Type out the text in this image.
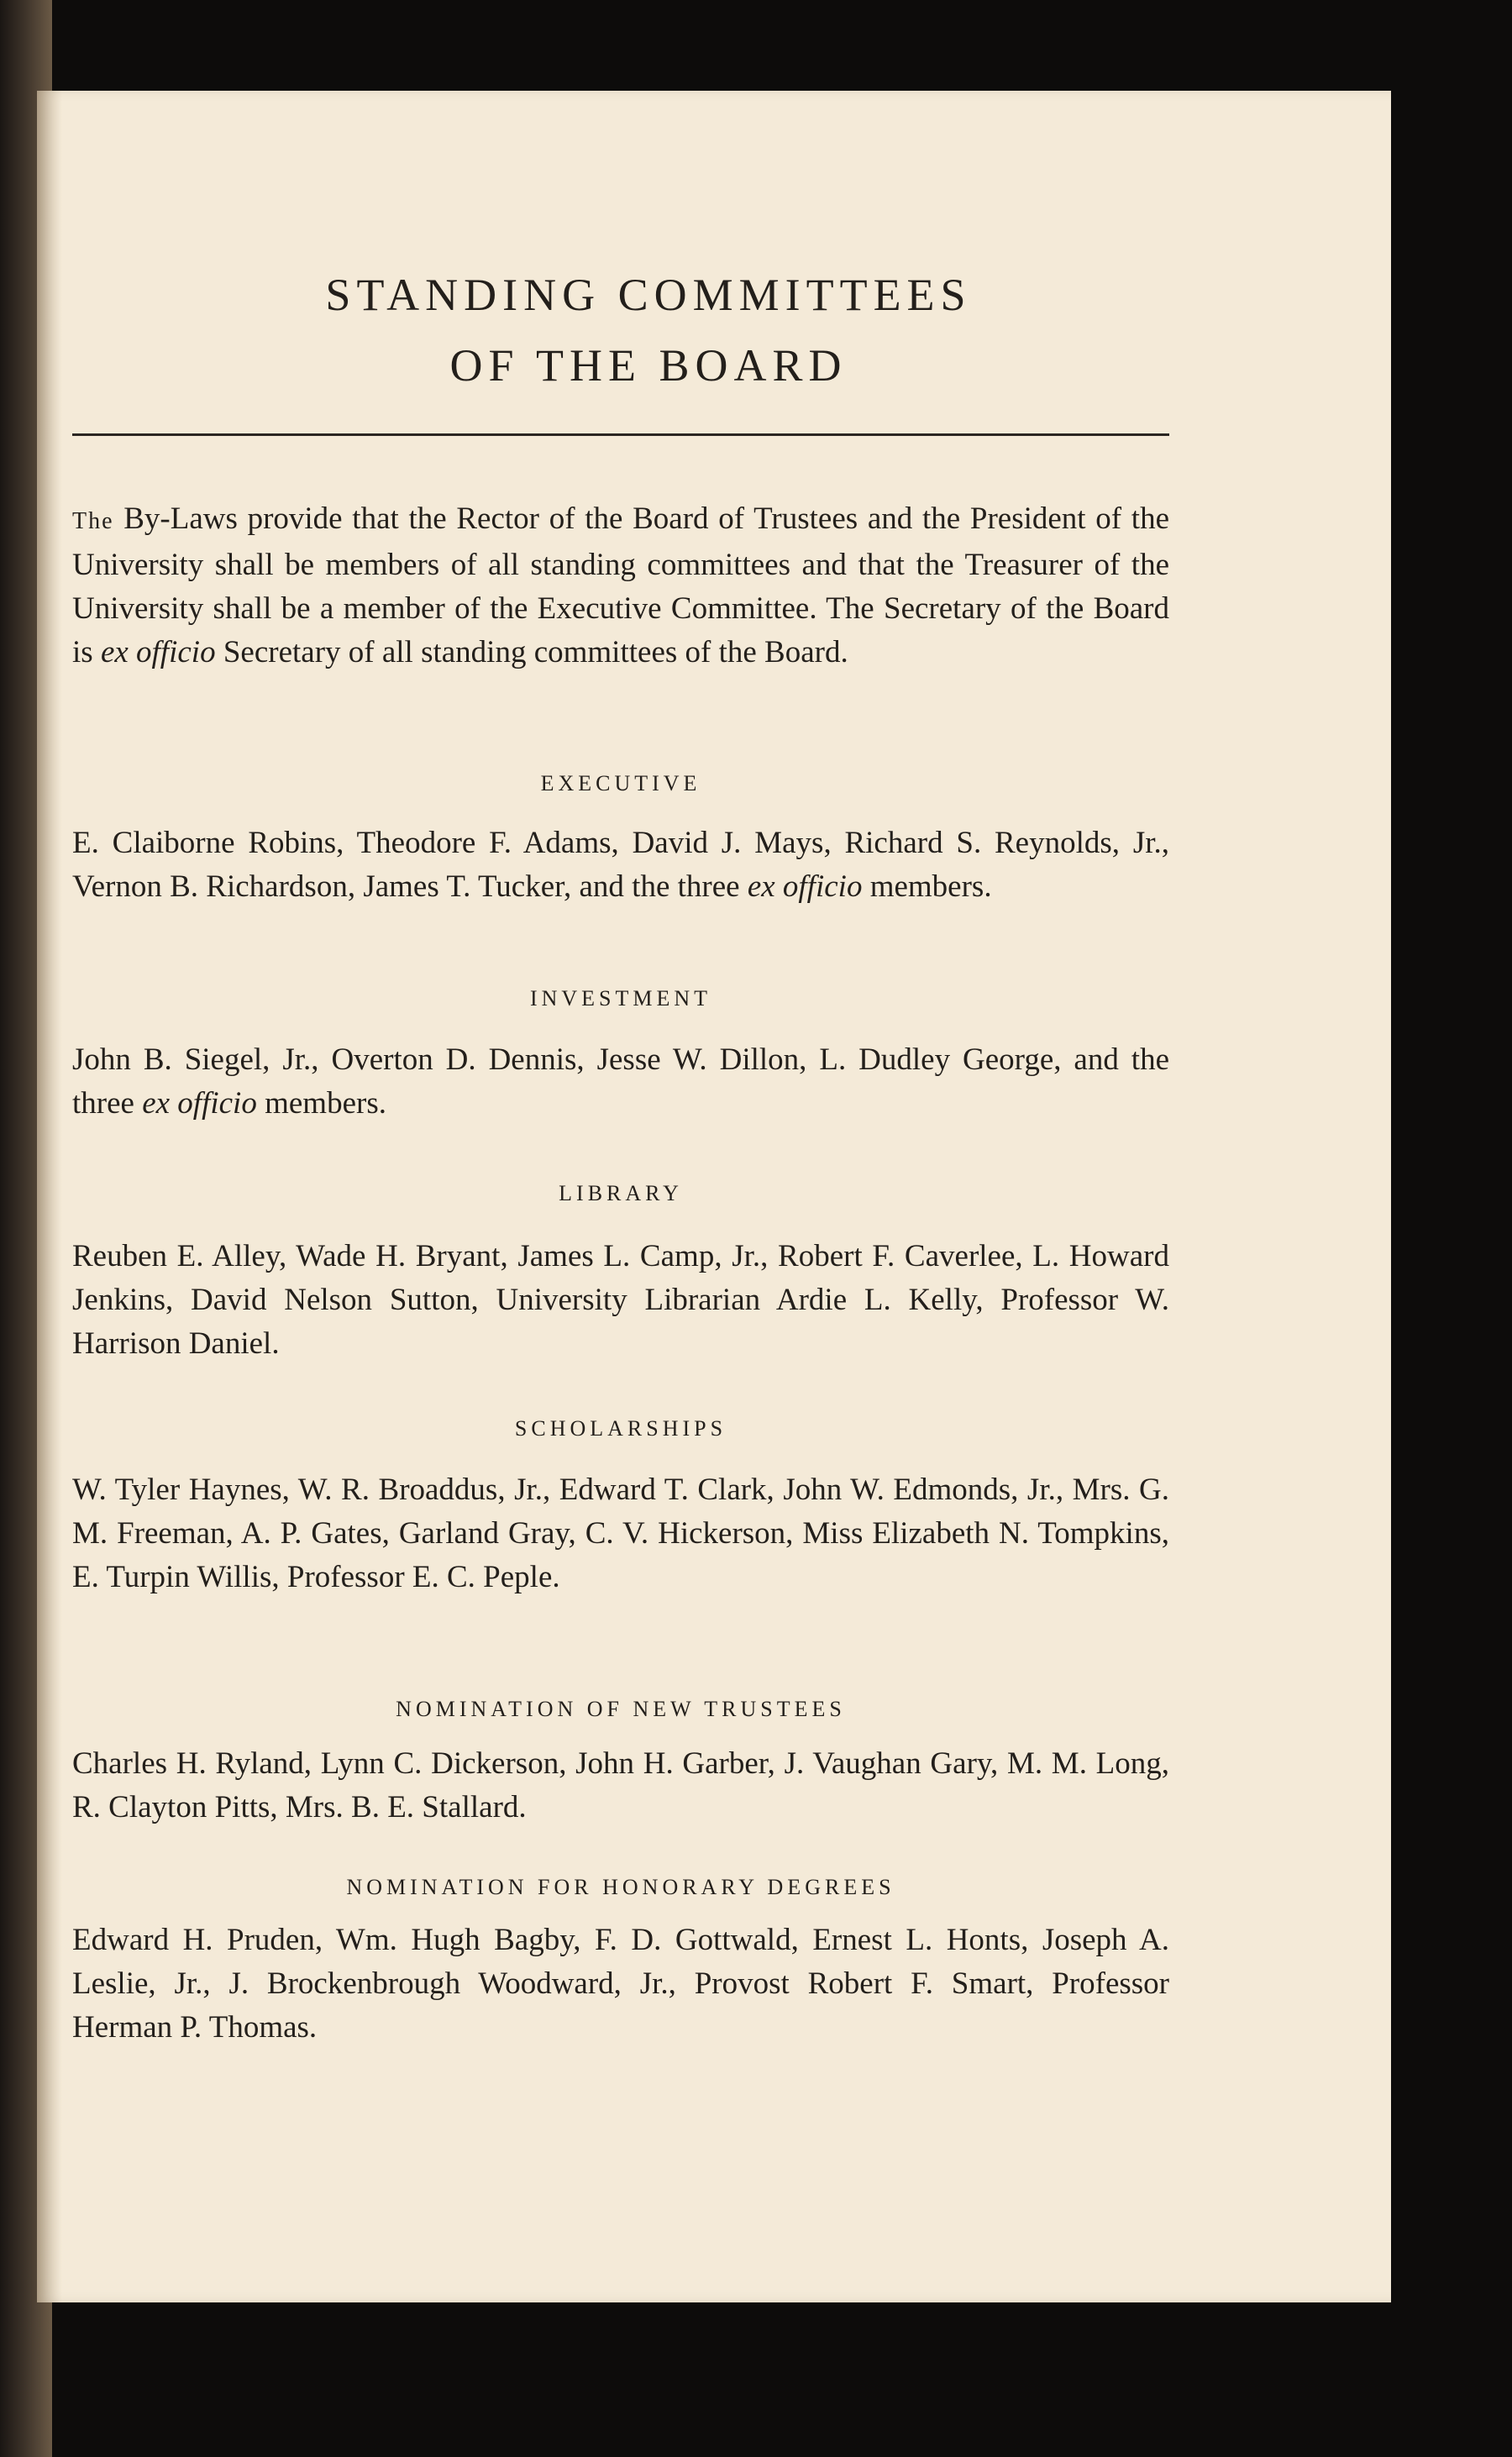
STANDING COMMITTEES
OF THE BOARD

The By-Laws provide that the Rector of the Board of Trustees and the President of the University shall be members of all standing committees and that the Treasurer of the University shall be a member of the Executive Committee. The Secretary of the Board is ex officio Secretary of all standing committees of the Board.

EXECUTIVE

E. Claiborne Robins, Theodore F. Adams, David J. Mays, Richard S. Reynolds, Jr., Vernon B. Richardson, James T. Tucker, and the three ex officio members.

INVESTMENT

John B. Siegel, Jr., Overton D. Dennis, Jesse W. Dillon, L. Dudley George, and the three ex officio members.

LIBRARY

Reuben E. Alley, Wade H. Bryant, James L. Camp, Jr., Robert F. Caverlee, L. Howard Jenkins, David Nelson Sutton, University Librarian Ardie L. Kelly, Professor W. Harrison Daniel.

SCHOLARSHIPS

W. Tyler Haynes, W. R. Broaddus, Jr., Edward T. Clark, John W. Edmonds, Jr., Mrs. G. M. Freeman, A. P. Gates, Garland Gray, C. V. Hickerson, Miss Elizabeth N. Tompkins, E. Turpin Willis, Professor E. C. Peple.

NOMINATION OF NEW TRUSTEES

Charles H. Ryland, Lynn C. Dickerson, John H. Garber, J. Vaughan Gary, M. M. Long, R. Clayton Pitts, Mrs. B. E. Stallard.

NOMINATION FOR HONORARY DEGREES

Edward H. Pruden, Wm. Hugh Bagby, F. D. Gottwald, Ernest L. Honts, Joseph A. Leslie, Jr., J. Brockenbrough Woodward, Jr., Provost Robert F. Smart, Professor Herman P. Thomas.
